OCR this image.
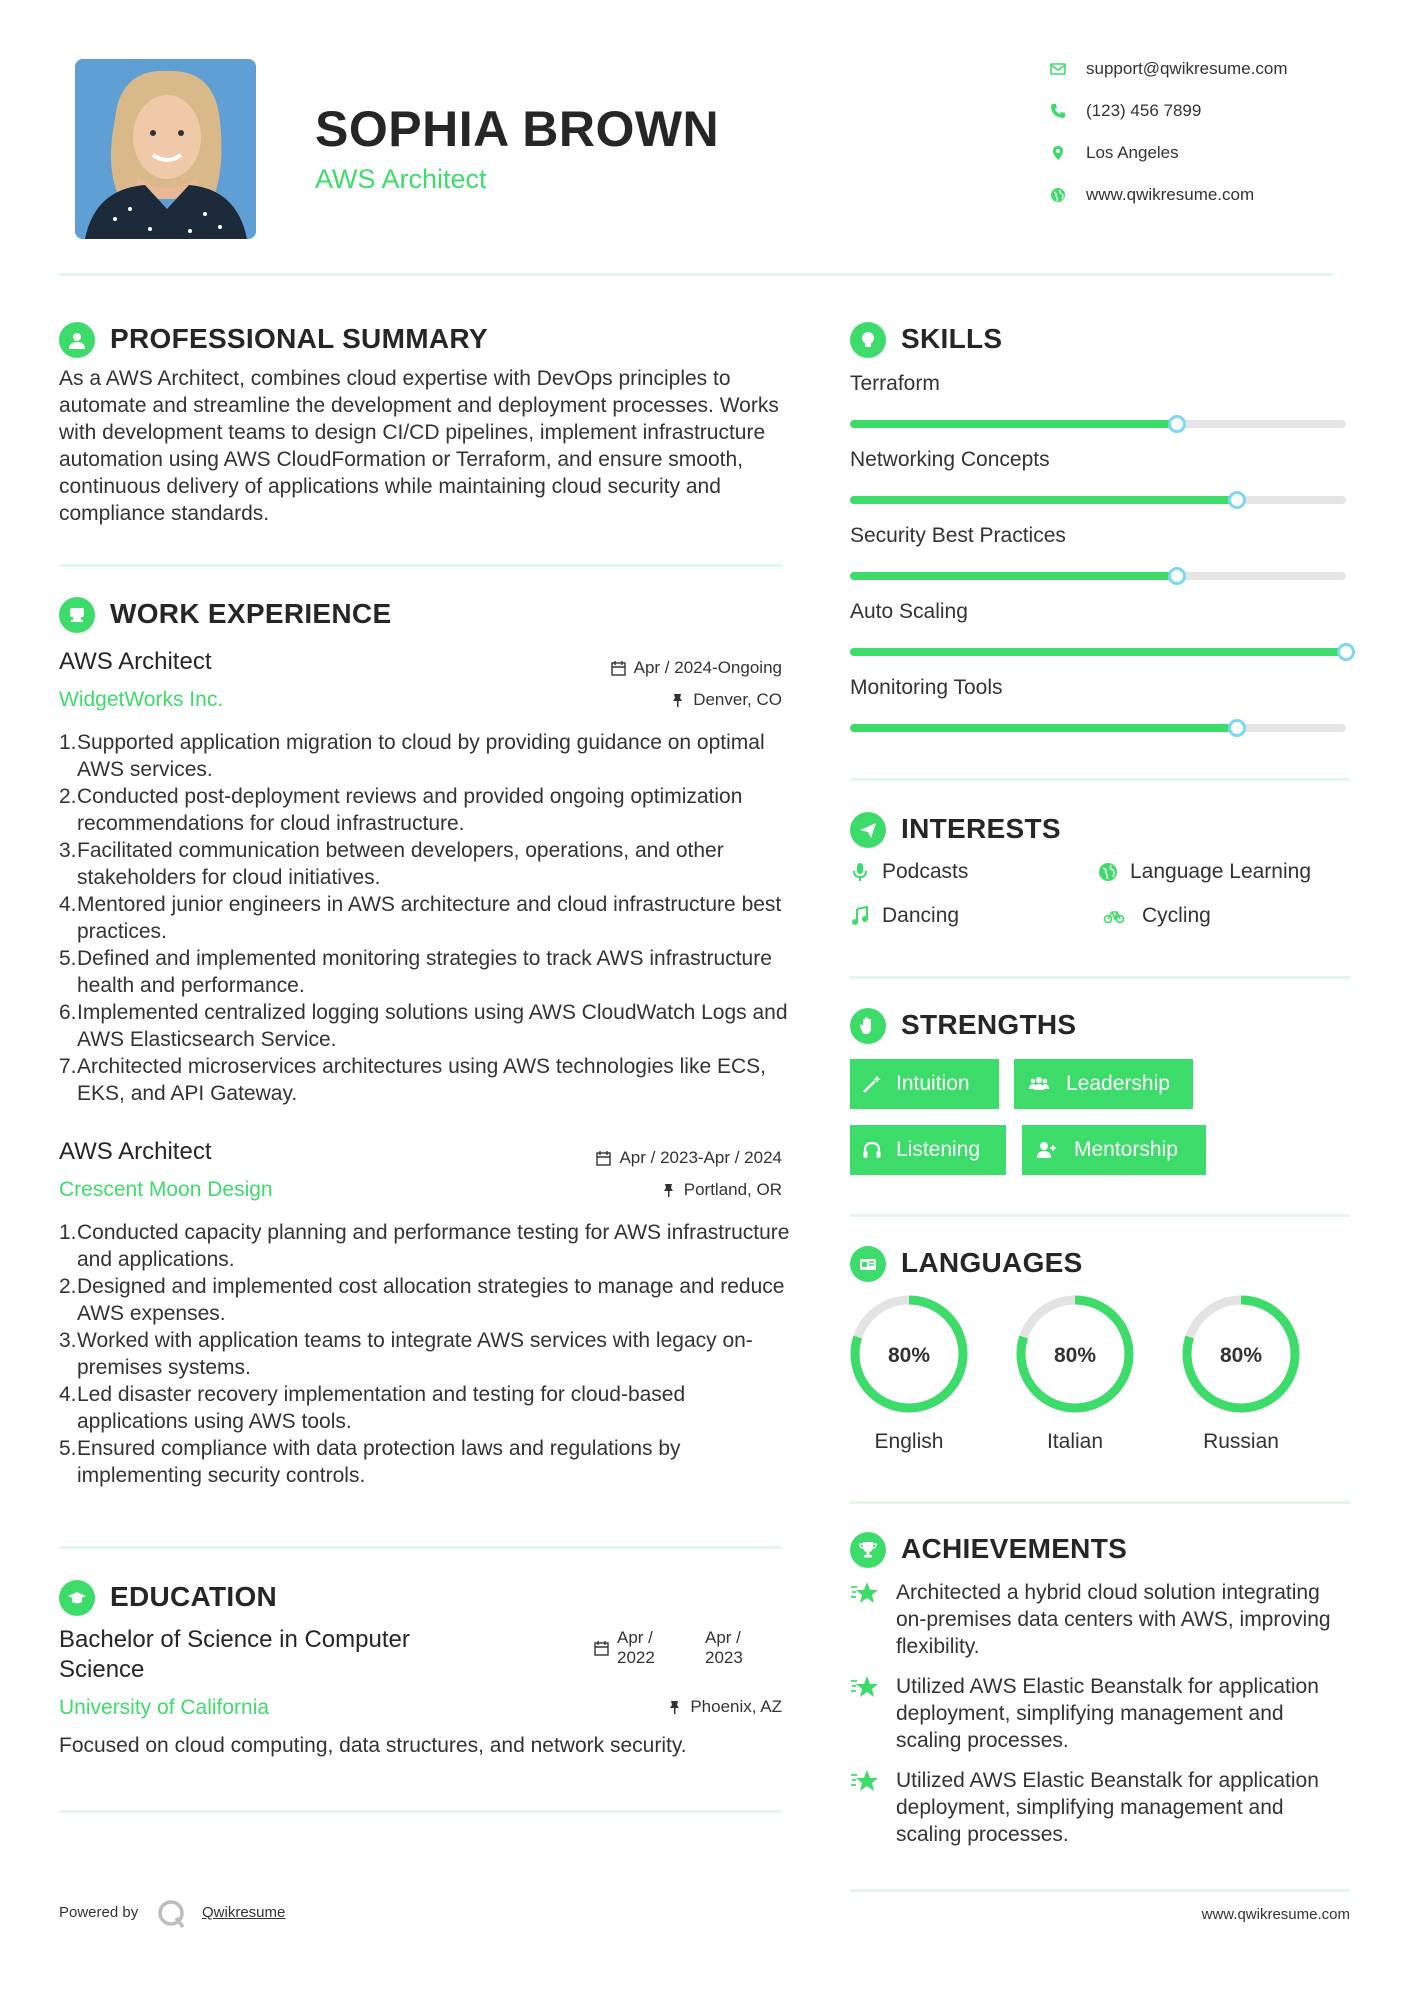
SOPHIA BROWN
AWS Architect
support@qwikresume.com
(123) 456 7899
Los Angeles
www.qwikresume.com
PROFESSIONAL SUMMARY
As a AWS Architect, combines cloud expertise with DevOps principles to automate and streamline the development and deployment processes. Works with development teams to design CI/CD pipelines, implement infrastructure automation using AWS CloudFormation or Terraform, and ensure smooth, continuous delivery of applications while maintaining cloud security and compliance standards.
WORK EXPERIENCE
AWS Architect	Apr / 2024-Ongoing
WidgetWorks Inc.	Denver, CO
1. Supported application migration to cloud by providing guidance on optimal AWS services.
2. Conducted post-deployment reviews and provided ongoing optimization recommendations for cloud infrastructure.
3. Facilitated communication between developers, operations, and other stakeholders for cloud initiatives.
4. Mentored junior engineers in AWS architecture and cloud infrastructure best practices.
5. Defined and implemented monitoring strategies to track AWS infrastructure health and performance.
6. Implemented centralized logging solutions using AWS CloudWatch Logs and AWS Elasticsearch Service.
7. Architected microservices architectures using AWS technologies like ECS, EKS, and API Gateway.
AWS Architect	Apr / 2023-Apr / 2024
Crescent Moon Design	Portland, OR
1. Conducted capacity planning and performance testing for AWS infrastructure and applications.
2. Designed and implemented cost allocation strategies to manage and reduce AWS expenses.
3. Worked with application teams to integrate AWS services with legacy on-premises systems.
4. Led disaster recovery implementation and testing for cloud-based applications using AWS tools.
5. Ensured compliance with data protection laws and regulations by implementing security controls.
EDUCATION
Bachelor of Science in Computer Science
Apr / 2022
Apr / 2023
University of California	Phoenix, AZ
Focused on cloud computing, data structures, and network security.
SKILLS
Terraform
Networking Concepts
Security Best Practices
Auto Scaling
Monitoring Tools
INTERESTS
Podcasts	Language Learning
Dancing	Cycling
STRENGTHS
Intuition	Leadership
Listening	Mentorship
LANGUAGES
80%
English
80%
Italian
80%
Russian
ACHIEVEMENTS
Architected a hybrid cloud solution integrating on-premises data centers with AWS, improving flexibility.
Utilized AWS Elastic Beanstalk for application deployment, simplifying management and scaling processes.
Utilized AWS Elastic Beanstalk for application deployment, simplifying management and scaling processes.
Powered by	Qwikresume	www.qwikresume.com
